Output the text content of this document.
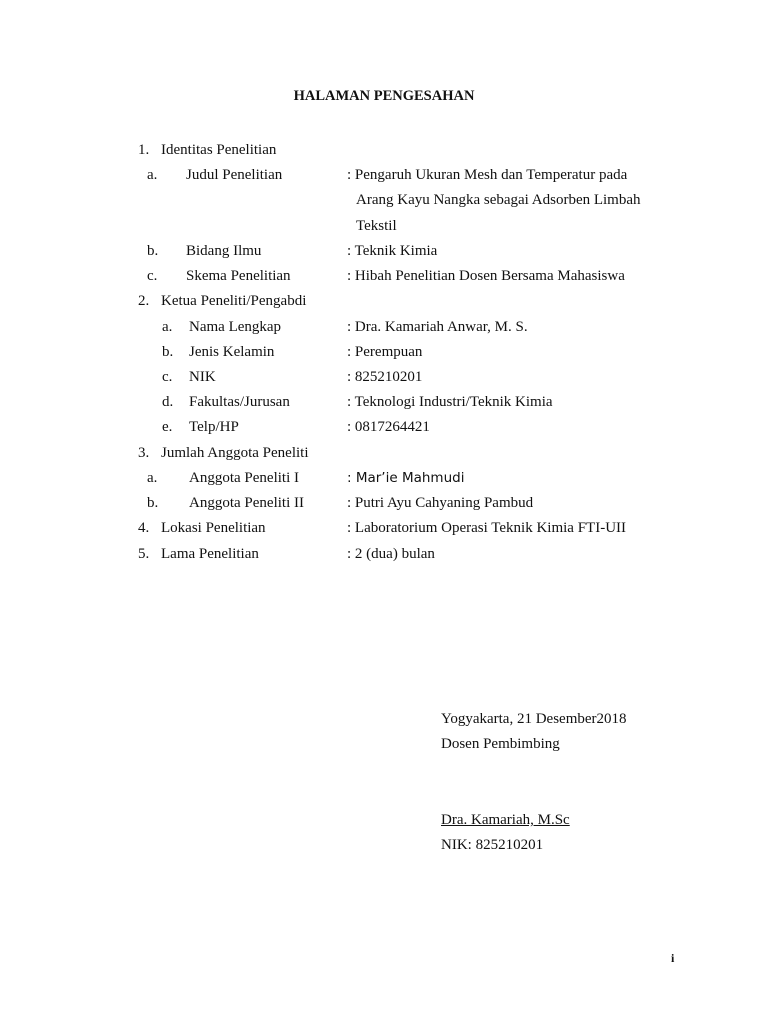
HALAMAN PENGESAHAN
1. Identitas Penelitian
a. Judul Penelitian	: Pengaruh Ukuran Mesh dan Temperatur pada
Arang Kayu Nangka sebagai Adsorben Limbah
Tekstil
b. Bidang Ilmu	: Teknik Kimia
c. Skema Penelitian	: Hibah Penelitian Dosen Bersama Mahasiswa
2. Ketua Peneliti/Pengabdi
a. Nama Lengkap	: Dra. Kamariah Anwar, M. S.
b. Jenis Kelamin	: Perempuan
c. NIK	: 825210201
d. Fakultas/Jurusan	: Teknologi Industri/Teknik Kimia
e. Telp/HP	: 0817264421
3. Jumlah Anggota Peneliti
a. Anggota Peneliti I	: Mar’ie Mahmudi
b. Anggota Peneliti II	: Putri Ayu Cahyaning Pambud
4. Lokasi Penelitian	: Laboratorium Operasi Teknik Kimia FTI-UII
5. Lama Penelitian	: 2 (dua) bulan
Yogyakarta, 21 Desember2018
Dosen Pembimbing
Dra. Kamariah, M.Sc
NIK: 825210201
i
